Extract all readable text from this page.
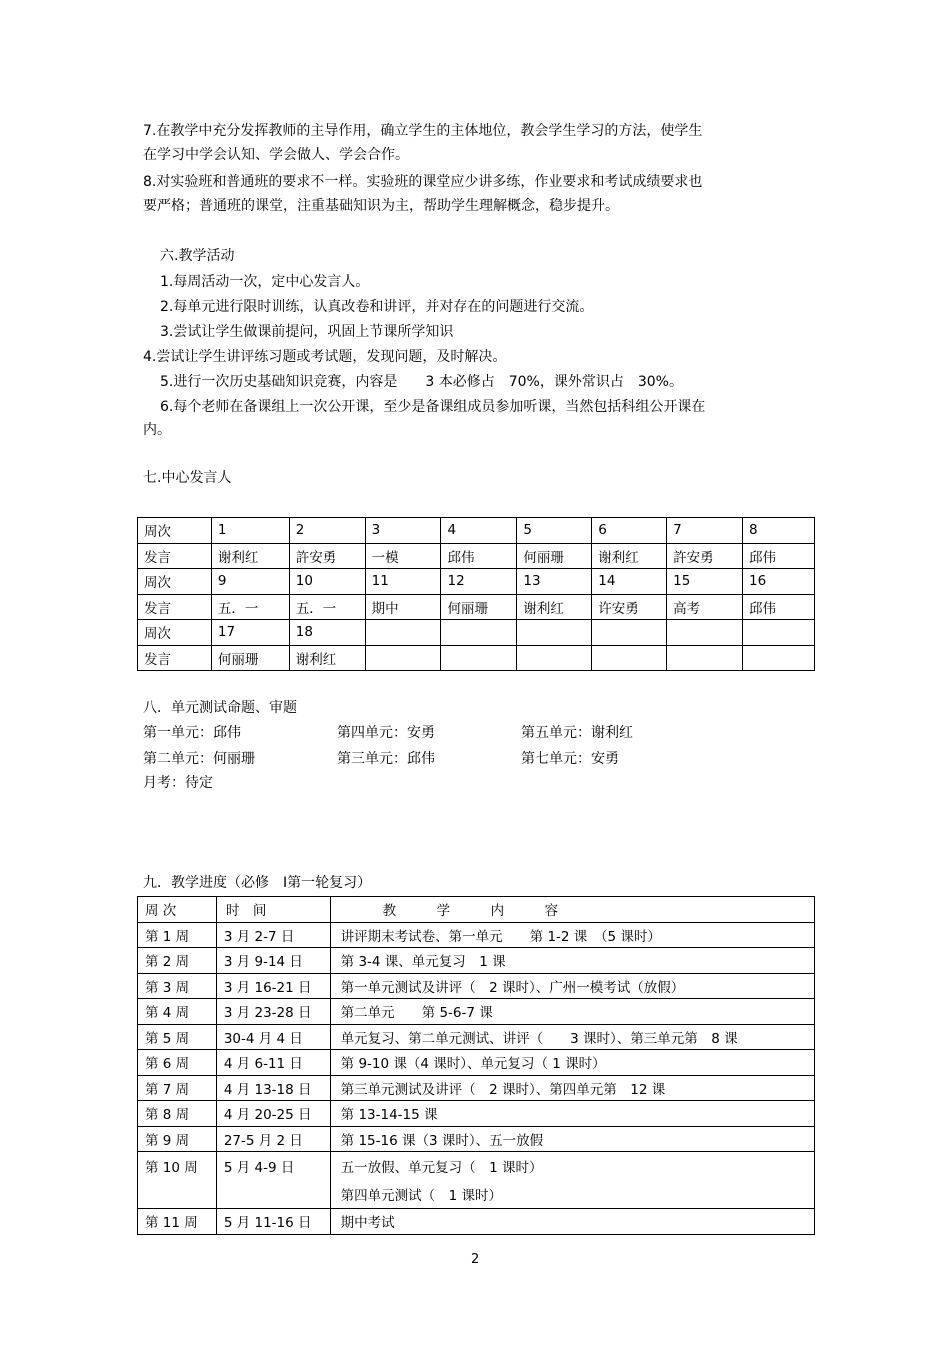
7.在教学中充分发挥教师的主导作用，确立学生的主体地位，教会学生学习的方法，使学生
在学习中学会认知、学会做人、学会合作。
8.对实验班和普通班的要求不一样。实验班的课堂应少讲多练，作业要求和考试成绩要求也
要严格；普通班的课堂，注重基础知识为主，帮助学生理解概念，稳步提升。
六.教学活动
1.每周活动一次，定中心发言人。
2.每单元进行限时训练，认真改卷和讲评，并对存在的问题进行交流。
3.尝试让学生做课前提问，巩固上节课所学知识
4.尝试让学生讲评练习题或考试题，发现问题，及时解决。
5.进行一次历史基础知识竞赛，内容是　　3 本必修占　70%，课外常识占　30%。
6.每个老师在备课组上一次公开课，至少是备课组成员参加听课，当然包括科组公开课在
内。
七.中心发言人
周次	1	2	3	4	5	6	7	8
发言	谢利红	許安勇	一模	邱伟	何丽珊	谢利红	許安勇	邱伟
周次	9	10	11	12	13	14	15	16
发言	五．一	五．一	期中	何丽珊	谢利红	许安勇	高考	邱伟
周次	17	18						
发言	何丽珊	谢利红						
八．单元测试命题、审题
第一单元：邱伟	第四单元：安勇	第五单元：谢利红
第二单元：何丽珊	第三单元：邱伟	第七单元：安勇
月考：待定
九．教学进度（必修　Ⅰ第一轮复习）
周 次	时　间	教　　　学　　　内　　　容
第 1 周	3 月 2-7 日	讲评期末考试卷、第一单元　　第 1-2 课　（5 课时）

第 2 周	3 月 9-14 日	第 3-4 课、单元复习　1 课

第 3 周	3 月 16-21 日	第一单元测试及讲评（　2 课时）、广州一模考试（放假）

第 4 周	3 月 23-28 日	第二单元　　第 5-6-7 课

第 5 周	30-4 月 4 日	单元复习、第二单元测试、讲评（　　3 课时）、第三单元第　8 课

第 6 周	4 月 6-11 日	第 9-10 课（4 课时）、单元复习（ 1 课时）

第 7 周	4 月 13-18 日	第三单元测试及讲评（　2 课时）、第四单元第　12 课

第 8 周	4 月 20-25 日	第 13-14-15 课

第 9 周	27-5 月 2 日	第 15-16 课（3 课时）、五一放假

第 10 周	5 月 4-9 日	五一放假、单元复习（　1 课时）
第四单元测试（　1 课时）

第 11 周	5 月 11-16 日	期中考试
2
